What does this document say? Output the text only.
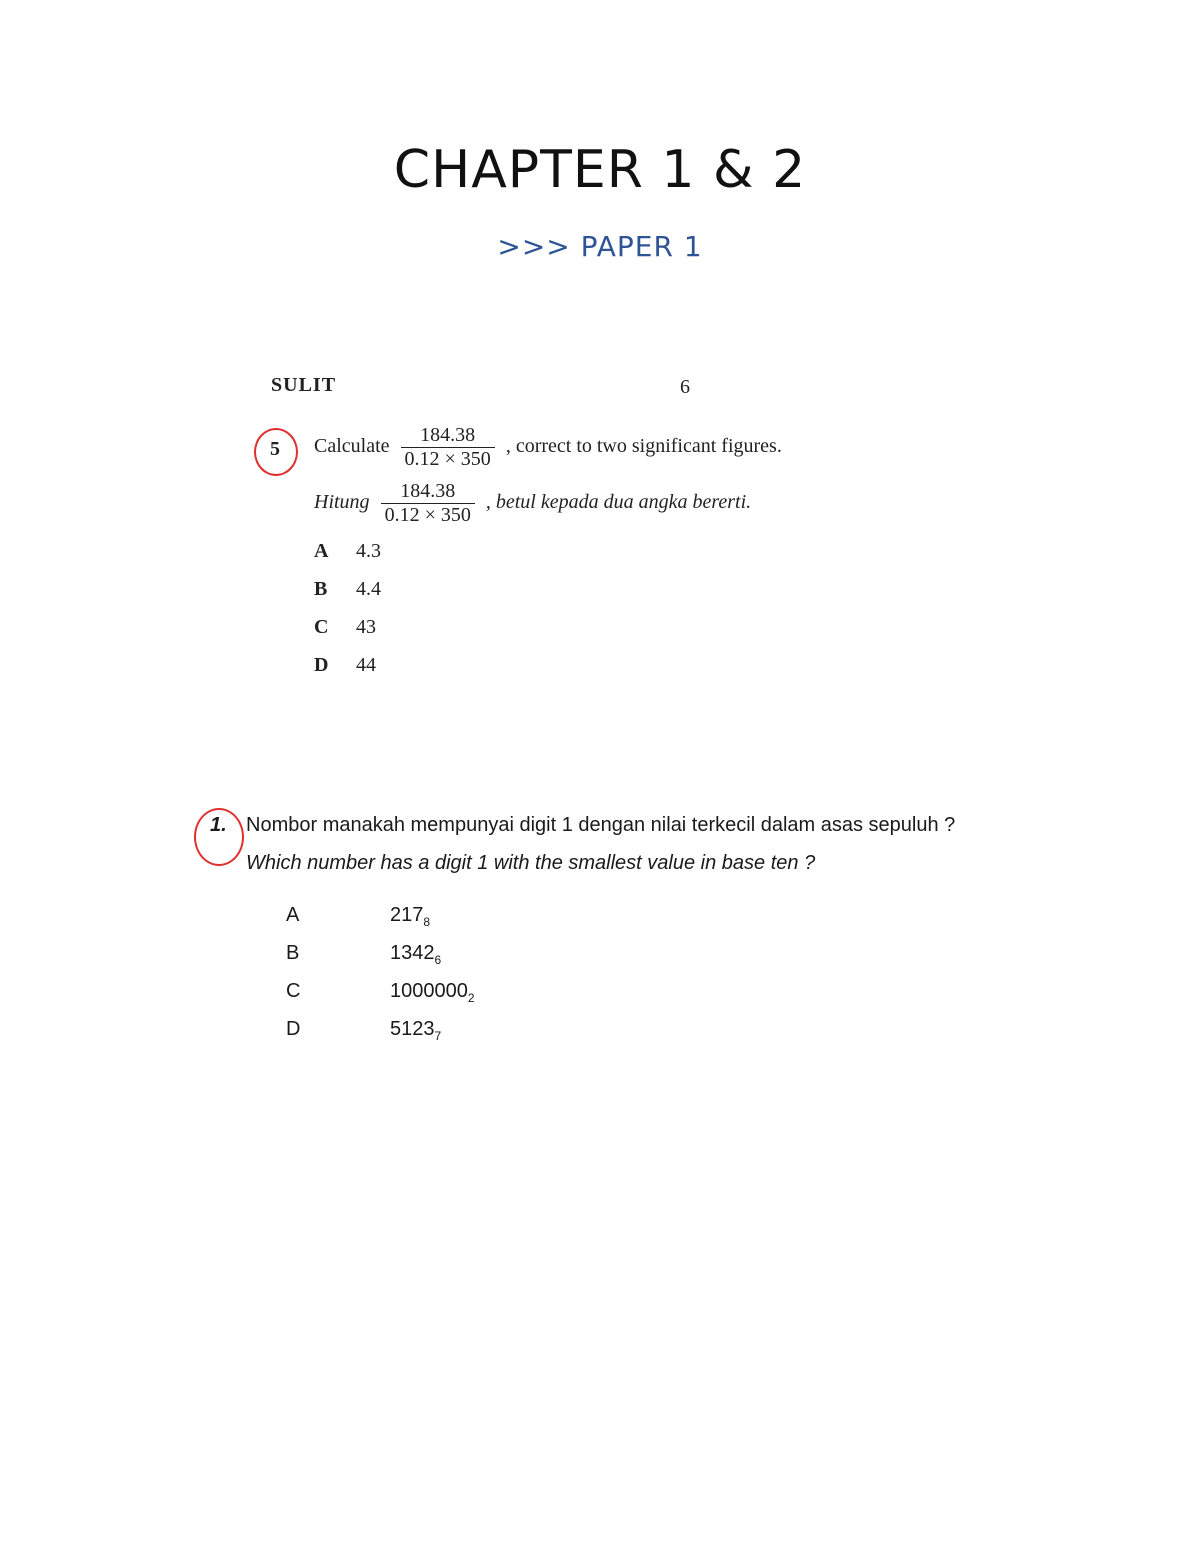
CHAPTER 1 & 2
>>> PAPER 1
SULIT	6
5 Calculate $\frac{184.38}{0.12 \times 350}$ , correct to two significant figures.
Hitung $\frac{184.38}{0.12 \times 350}$ , betul kepada dua angka bererti.
A 4.3
B 4.4
C 43
D 44
1. Nombor manakah mempunyai digit 1 dengan nilai terkecil dalam asas sepuluh ?
Which number has a digit 1 with the smallest value in base ten ?
A	$217_8$
B	$1342_6$
C	$1000000_2$
D	$5123_7$
